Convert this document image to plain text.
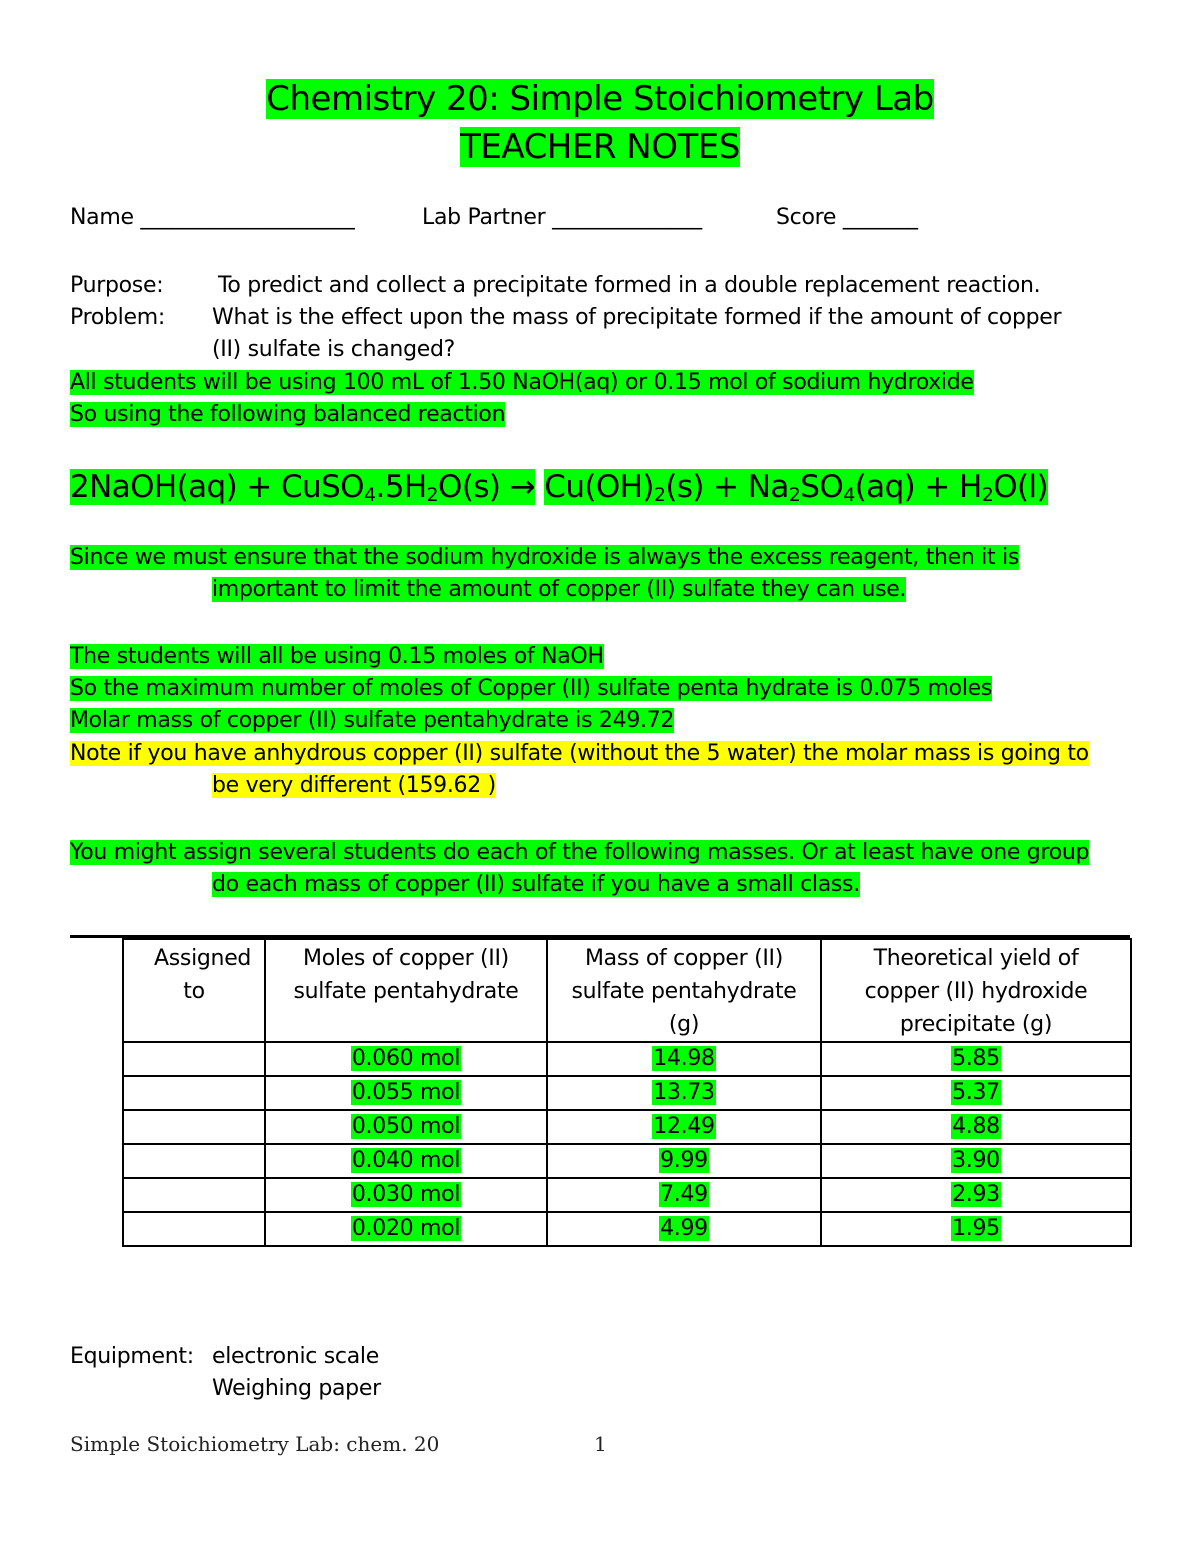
Chemistry 20: Simple Stoichiometry Lab
TEACHER NOTES
Name ____________________	Lab Partner ______________	Score _______
Purpose: To predict and collect a precipitate formed in a double replacement reaction.
Problem: What is the effect upon the mass of precipitate formed if the amount of copper
(II) sulfate is changed?
All students will be using 100 mL of 1.50 NaOH(aq) or 0.15 mol of sodium hydroxide
So using the following balanced reaction
2NaOH(aq) + $CuSO_4.5H_2O(s) \to Cu(OH)_2(s) + Na_2SO_4(aq) + H_2O(l)$
Since we must ensure that the sodium hydroxide is always the excess reagent, then it is
important to limit the amount of copper (II) sulfate they can use.
The students will all be using 0.15 moles of NaOH
So the maximum number of moles of Copper (II) sulfate penta hydrate is 0.075 moles
Molar mass of copper (II) sulfate pentahydrate is 249.72
Note if you have anhydrous copper (II) sulfate (without the 5 water) the molar mass is going to
be very different (159.62 )
You might assign several students do each of the following masses. Or at least have one group
do each mass of copper (II) sulfate if you have a small class.
Assigned to	Moles of copper (II) sulfate pentahydrate	Mass of copper (II) sulfate pentahydrate (g)	Theoretical yield of copper (II) hydroxide precipitate (g)
	0.060 mol	14.98	5.85
	0.055 mol	13.73	5.37
	0.050 mol	12.49	4.88
	0.040 mol	9.99	3.90
	0.030 mol	7.49	2.93
	0.020 mol	4.99	1.95
Equipment: electronic scale
Weighing paper
Simple Stoichiometry Lab: chem. 20	1
